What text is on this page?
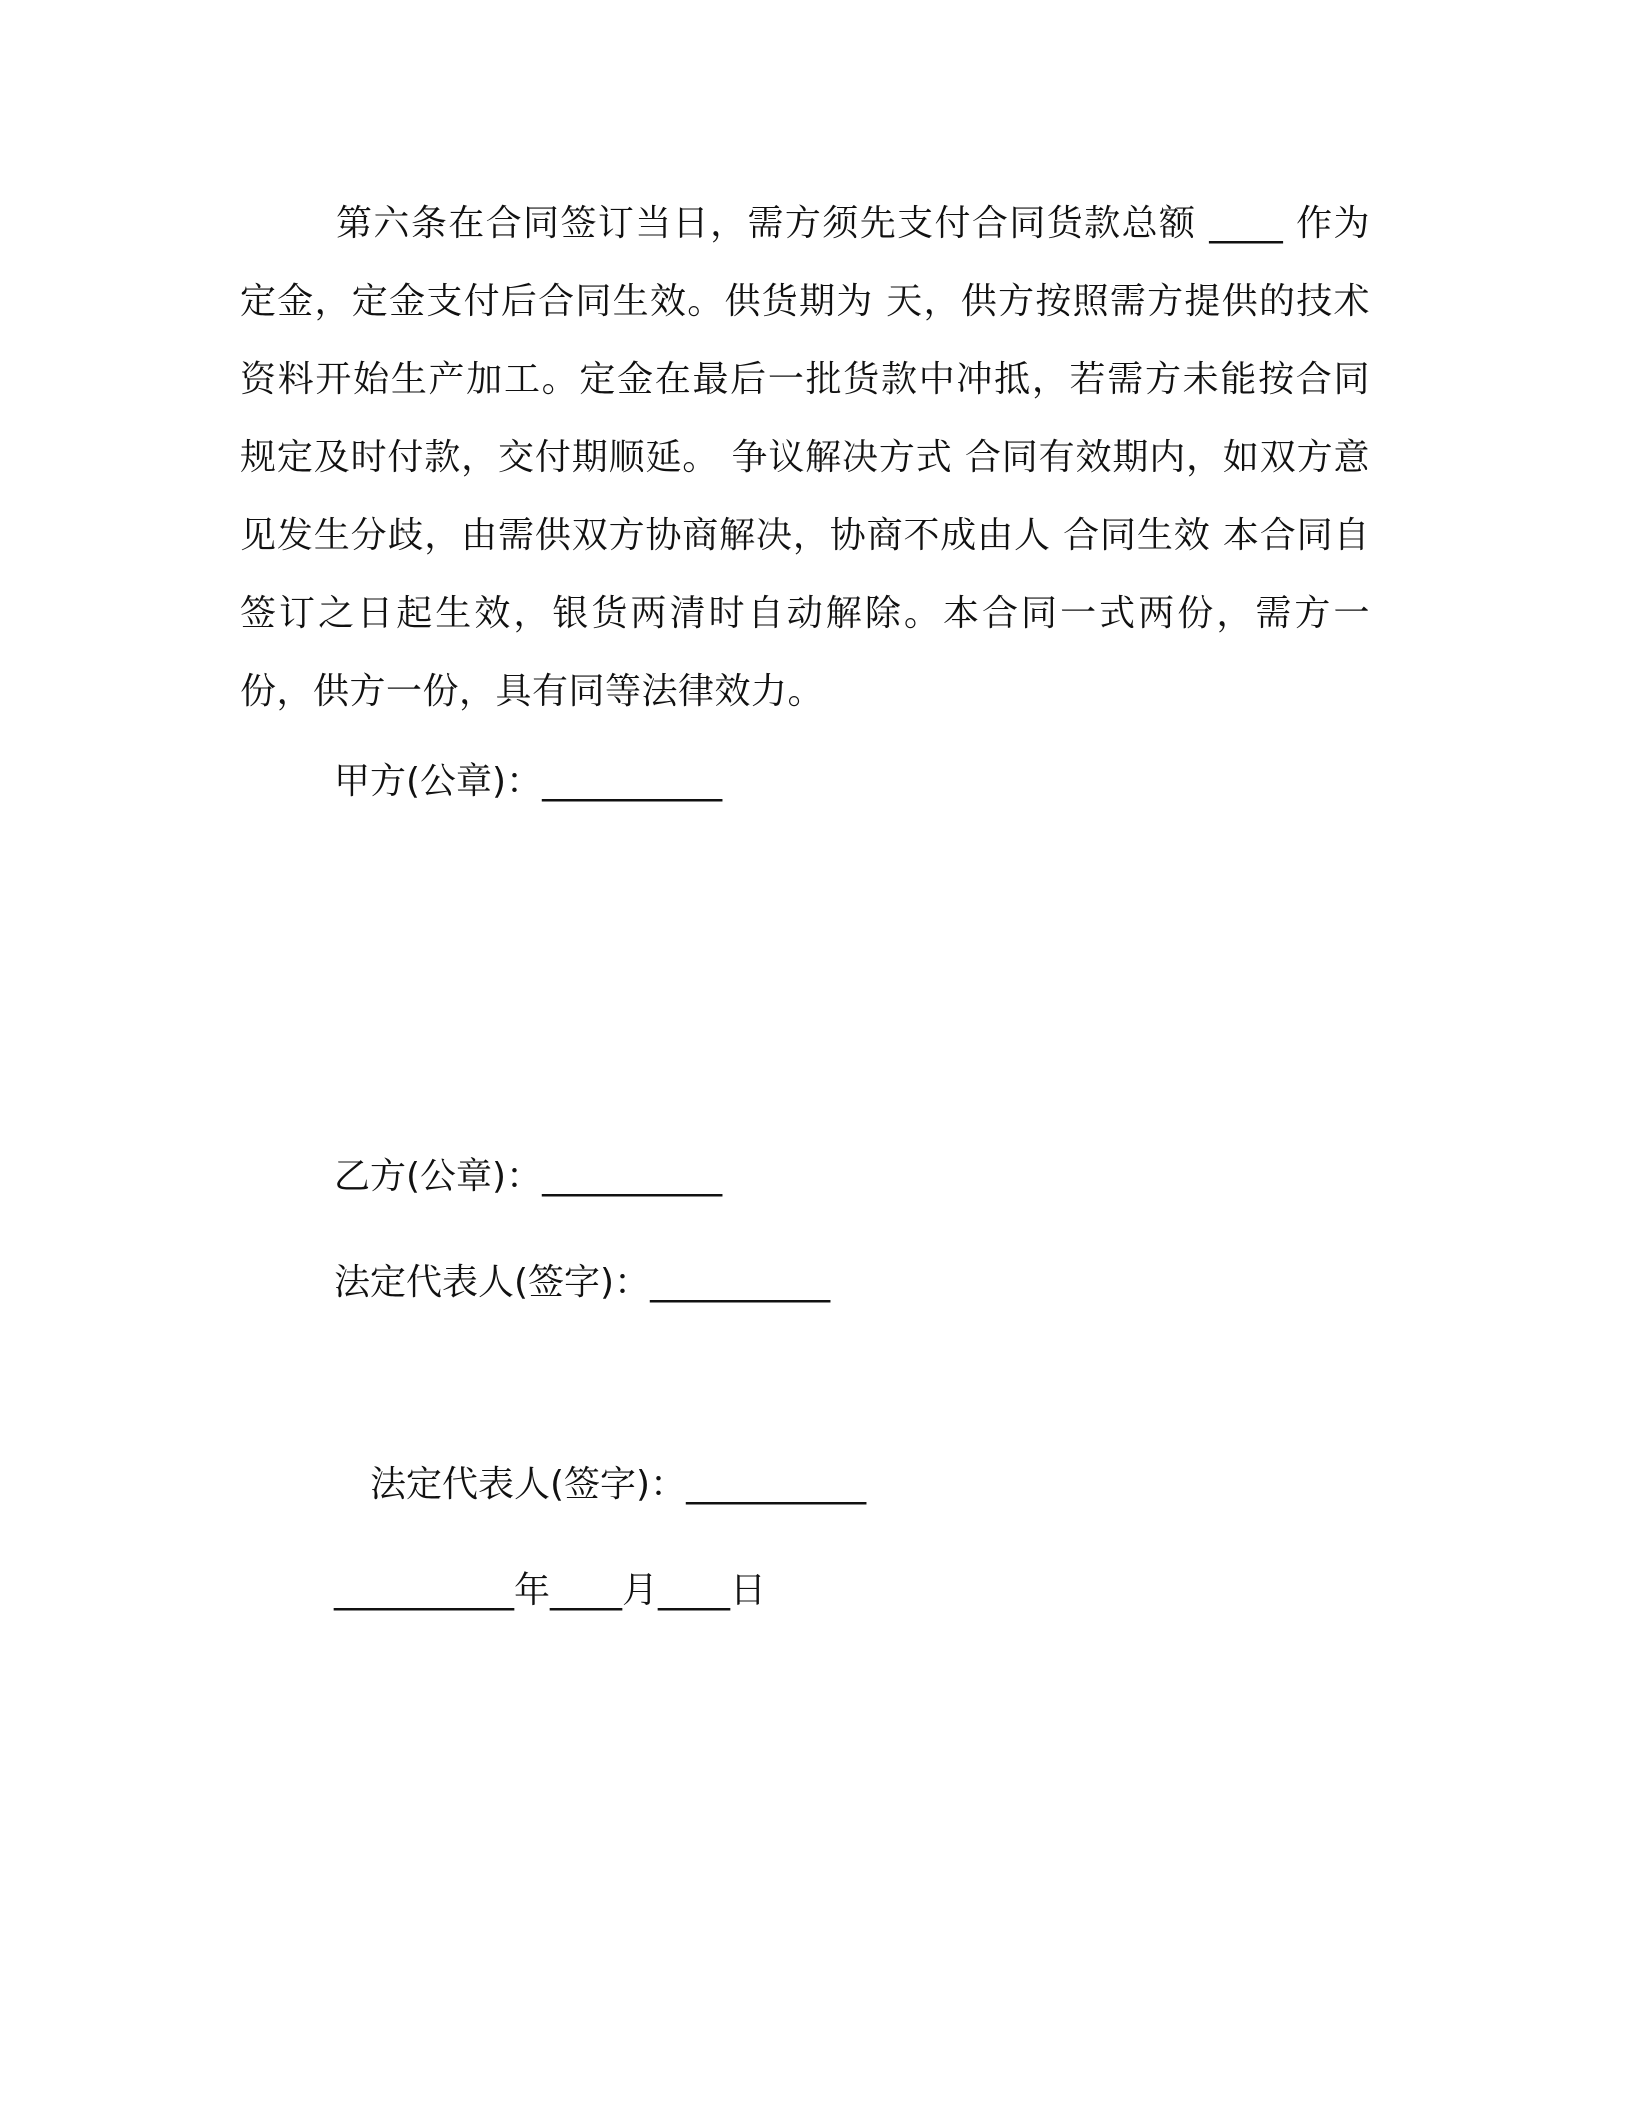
第六条在合同签订当日，需方须先支付合同货款总额 ____ 作为定金，定金支付后合同生效。供货期为 天，供方按照需方提供的技术资料开始生产加工。定金在最后一批货款中冲抵，若需方未能按合同规定及时付款，交付期顺延。 争议解决方式 合同有效期内，如双方意见发生分歧，由需供双方协商解决，协商不成由人 合同生效 本合同自签订之日起生效，银货两清时自动解除。本合同一式两份，需方一份，供方一份，具有同等法律效力。

甲方(公章)：__________

乙方(公章)：__________

法定代表人(签字)：__________

法定代表人(签字)：__________

__________年____月____日
